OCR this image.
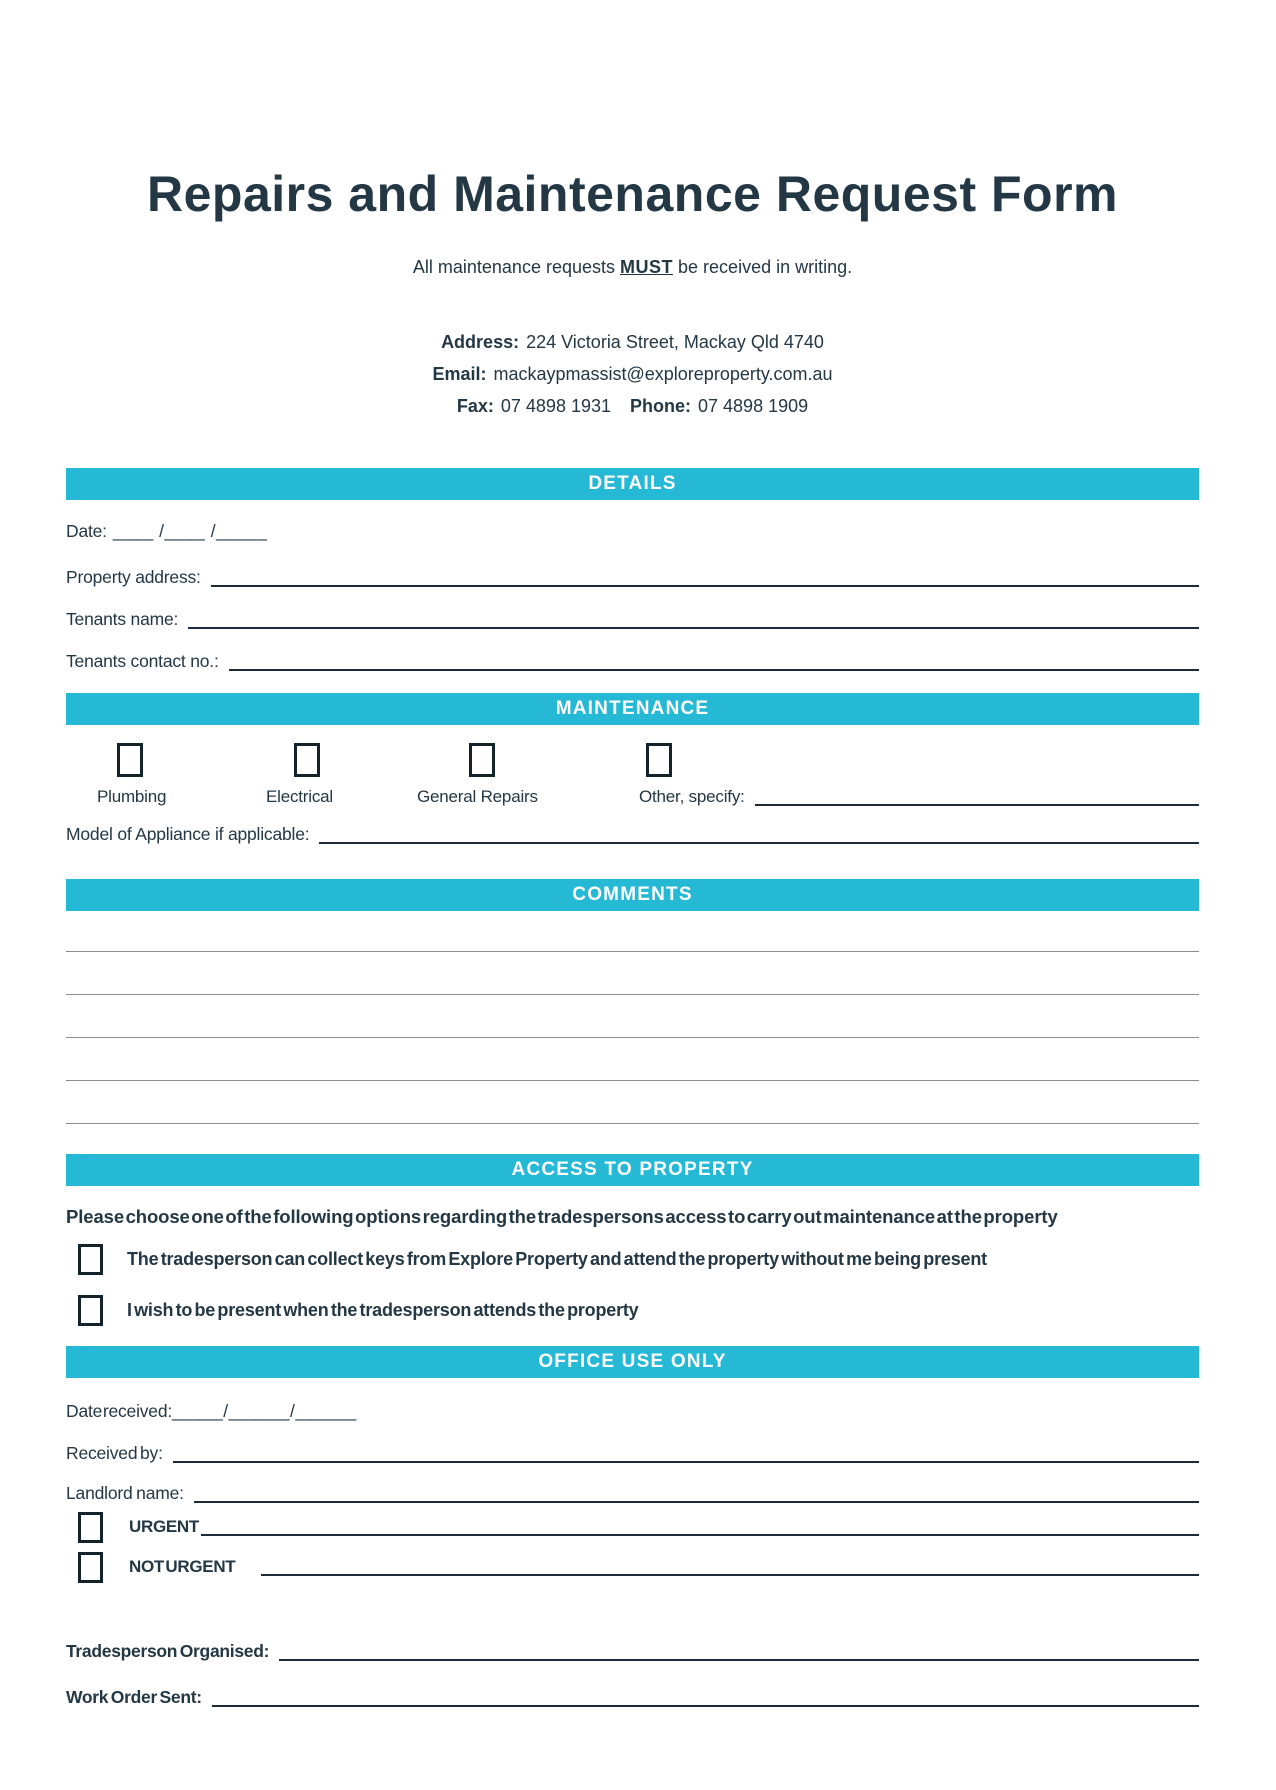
Repairs and Maintenance Request Form
All maintenance requests MUST be received in writing.
Address: 224 Victoria Street, Mackay Qld 4740
Email: mackaypmassist@exploreproperty.com.au
Fax: 07 4898 1931 Phone: 07 4898 1909
DETAILS
Date: ____ /____ /_____
Property address:
Tenants name:
Tenants contact no.:
MAINTENANCE
Plumbing	Electrical	General Repairs	Other, specify:
Model of Appliance if applicable:
COMMENTS
ACCESS TO PROPERTY
Please choose one of the following options regarding the tradespersons access to carry out maintenance at the property
The tradesperson can collect keys from Explore Property and attend the property without me being present
I wish to be present when the tradesperson attends the property
OFFICE USE ONLY
Date received: _____/______/______
Received by:
Landlord name:
URGENT
NOT URGENT
Tradesperson Organised:
Work Order Sent:
